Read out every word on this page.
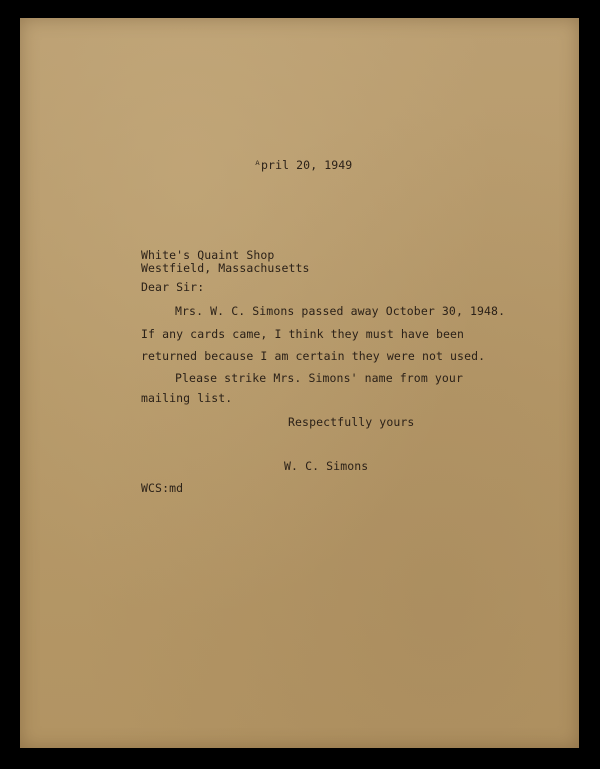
ᴬpril 20, 1949
White's Quaint Shop
Westfield, Massachusetts
Dear Sir:
Mrs. W. C. Simons passed away October 30, 1948.
If any cards came, I think they must have been
returned because I am certain they were not used.
Please strike Mrs. Simons' name from your
mailing list.
Respectfully yours
W. C. Simons
WCS:md
